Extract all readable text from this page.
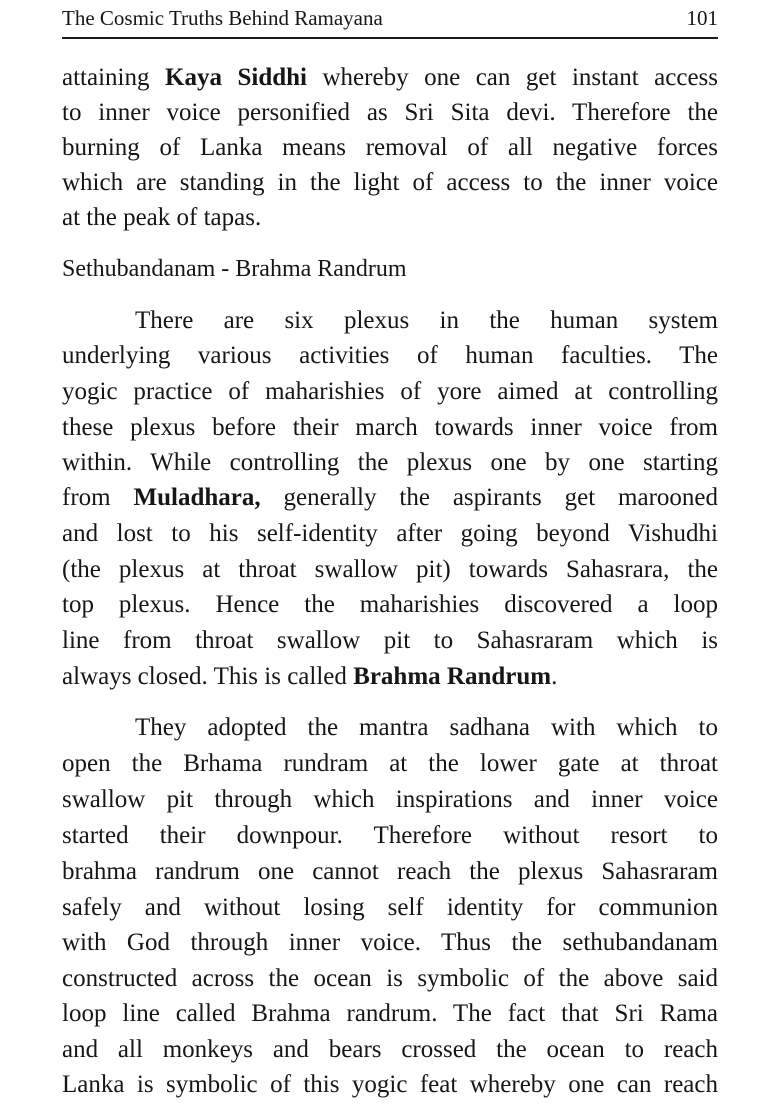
The Cosmic Truths Behind Ramayana	101
Sethubandanam - Brahma Randrum
attaining Kaya Siddhi whereby one can get instant access
to inner voice personified as Sri Sita devi. Therefore the
burning of Lanka means removal of all negative forces
which are standing in the light of access to the inner voice
at the peak of tapas.
There are six plexus in the human system
underlying various activities of human faculties. The
yogic practice of maharishies of yore aimed at controlling
these plexus before their march towards inner voice from
within. While controlling the plexus one by one starting
from Muladhara, generally the aspirants get marooned
and lost to his self-identity after going beyond Vishudhi
(the plexus at throat swallow pit) towards Sahasrara, the
top plexus. Hence the maharishies discovered a loop
line from throat swallow pit to Sahasraram which is
always closed. This is called Brahma Randrum.
They adopted the mantra sadhana with which to
open the Brhama rundram at the lower gate at throat
swallow pit through which inspirations and inner voice
started their downpour. Therefore without resort to
brahma randrum one cannot reach the plexus Sahasraram
safely and without losing self identity for communion
with God through inner voice. Thus the sethubandanam
constructed across the ocean is symbolic of the above said
loop line called Brahma randrum. The fact that Sri Rama
and all monkeys and bears crossed the ocean to reach
Lanka is symbolic of this yogic feat whereby one can reach
